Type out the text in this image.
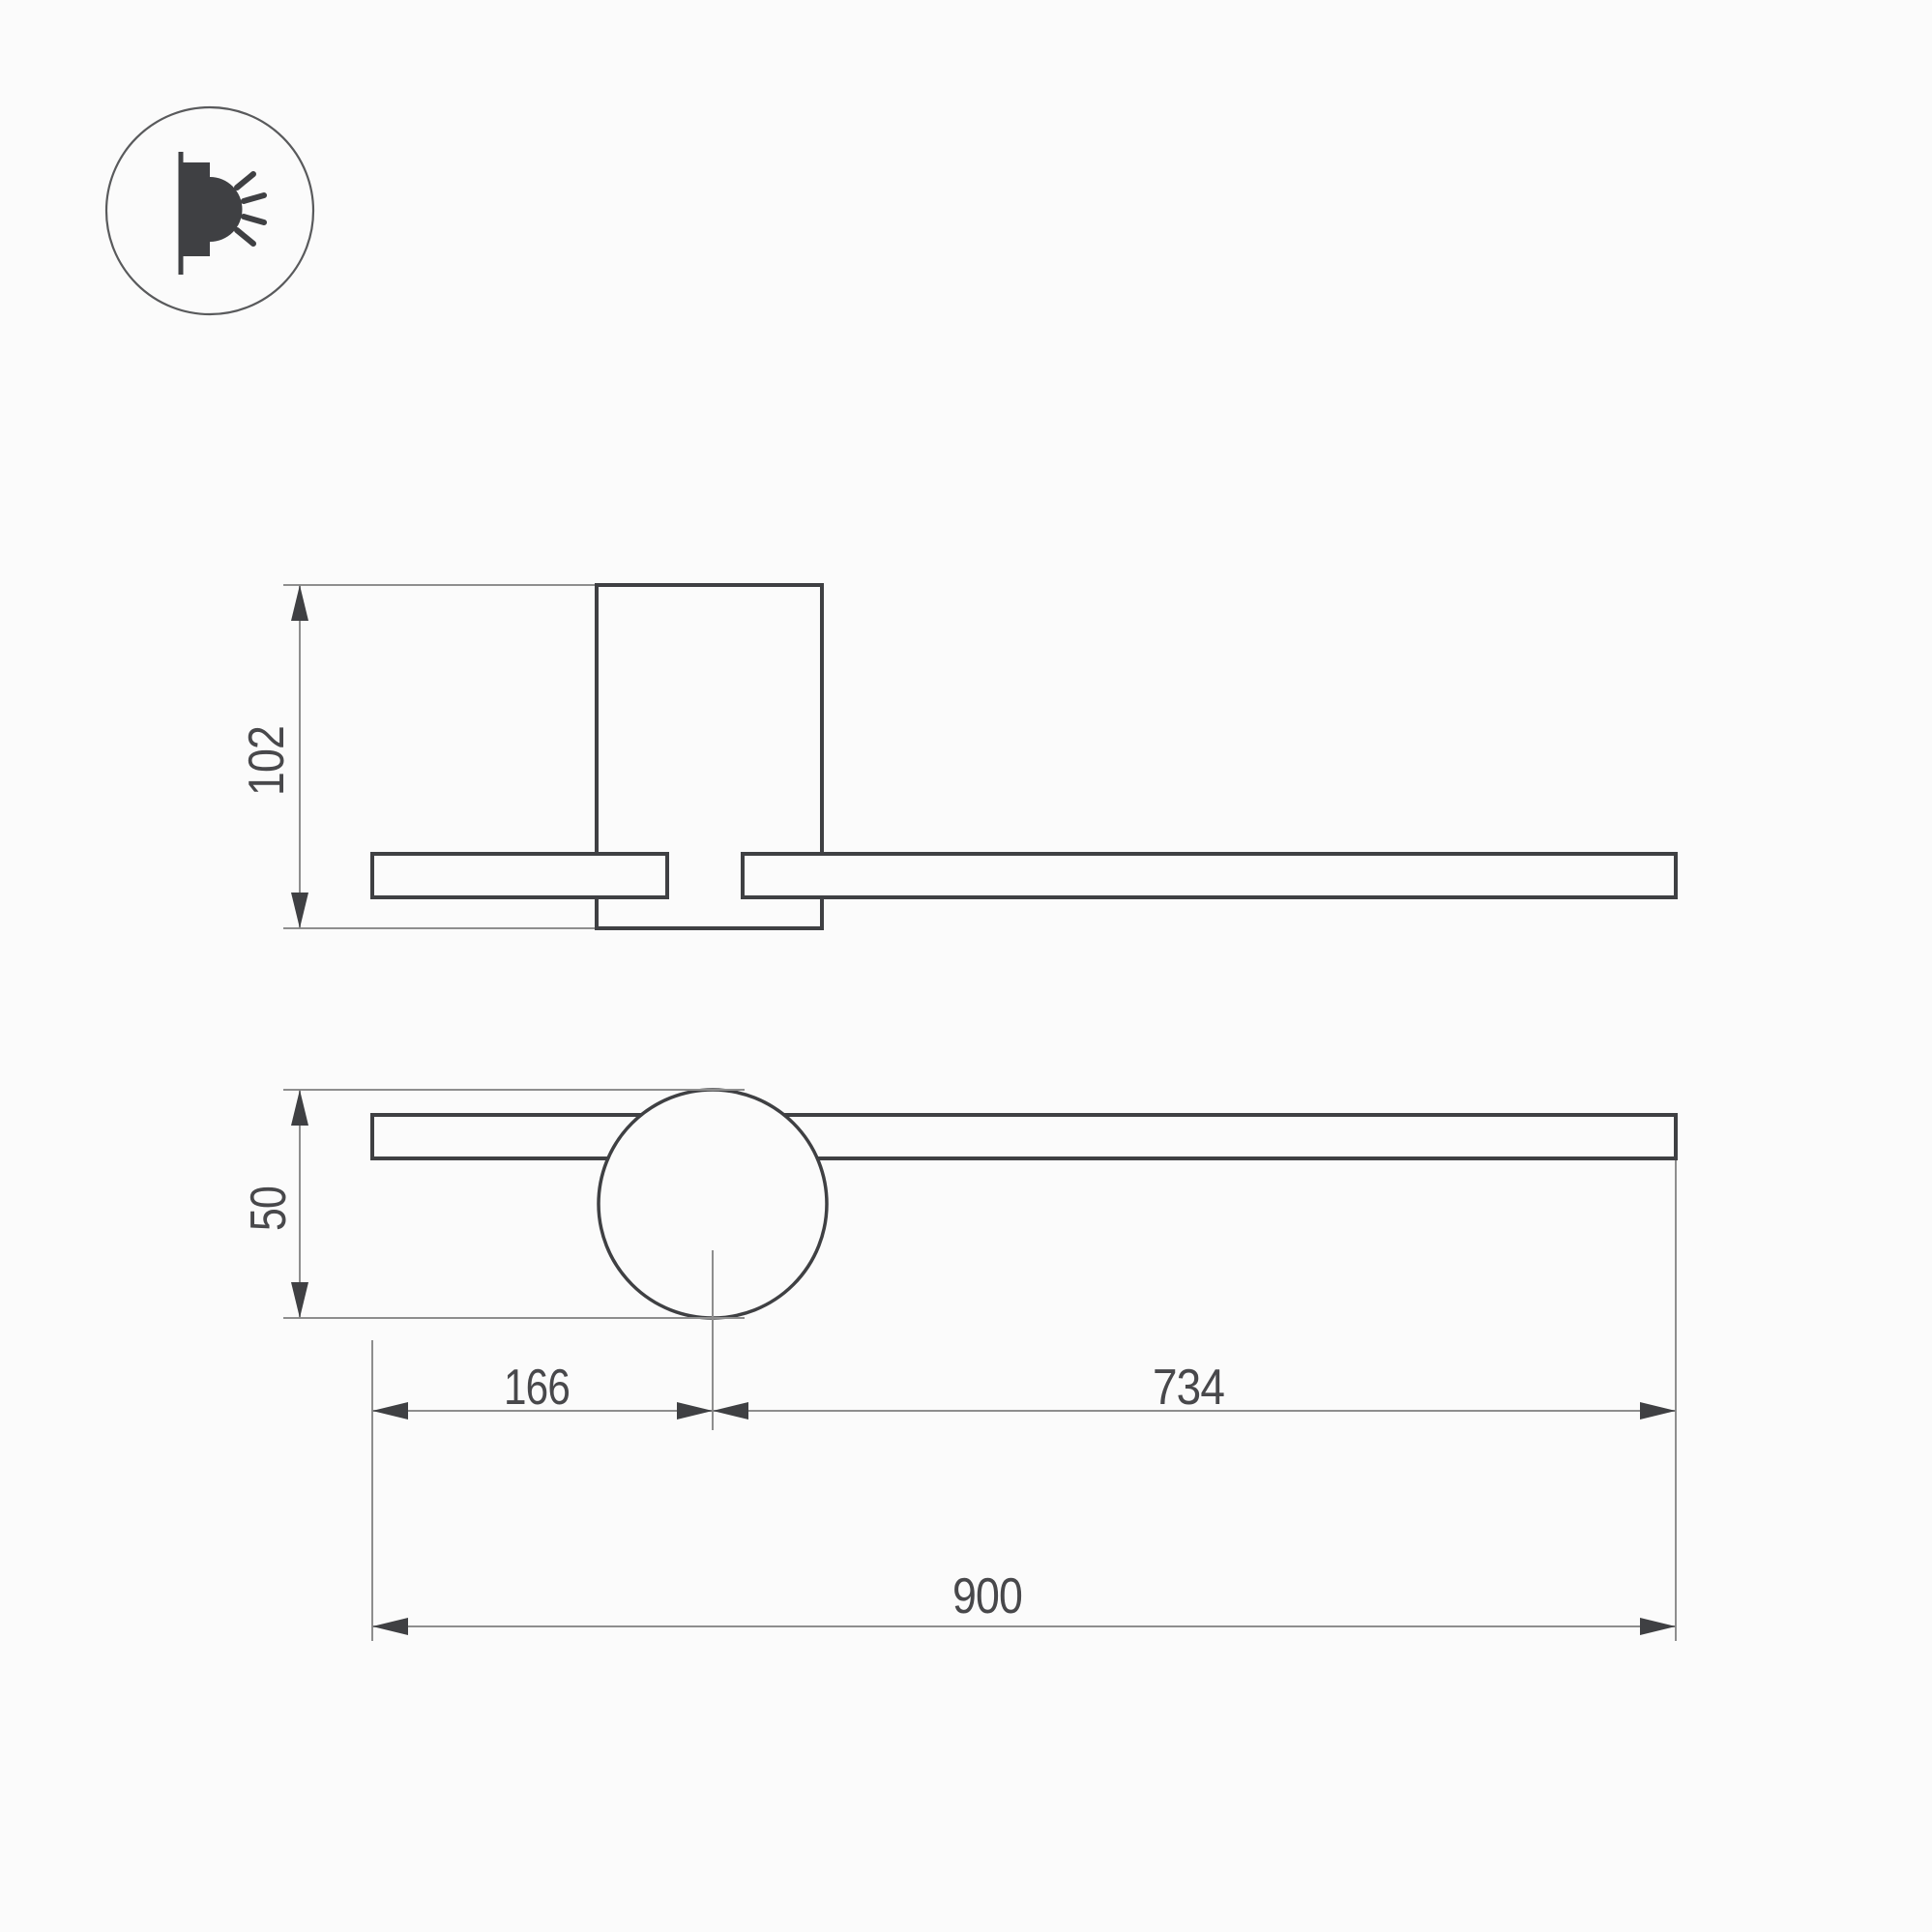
102
50
166	734
900
